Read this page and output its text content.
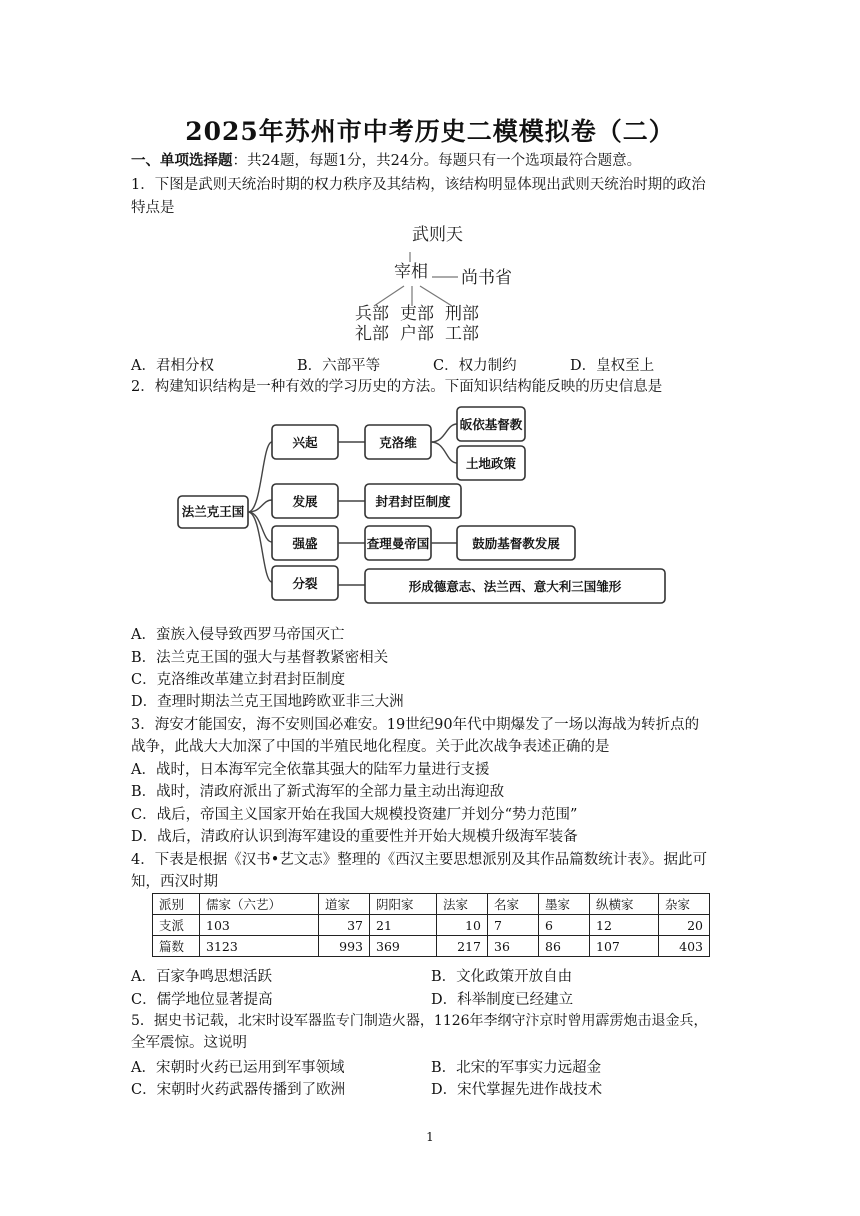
2025年苏州市中考历史二模模拟卷（二）
一、单项选择题：共24题，每题1分，共24分。每题只有一个选项最符合题意。
1．下图是武则天统治时期的权力秩序及其结构，该结构明显体现出武则天统治时期的政治
特点是
武则天
宰相 尚书省
兵部 吏部 刑部
礼部 户部 工部
A．君相分权	B．六部平等	C．权力制约	D．皇权至上
2．构建知识结构是一种有效的学习历史的方法。下面知识结构能反映的历史信息是
法兰克王国
兴起
发展
强盛
分裂
克洛维
皈依基督教
土地政策
封君封臣制度
查理曼帝国	鼓励基督教发展
形成德意志、法兰西、意大利三国雏形
A．蛮族入侵导致西罗马帝国灭亡
B．法兰克王国的强大与基督教紧密相关
C．克洛维改革建立封君封臣制度
D．查理时期法兰克王国地跨欧亚非三大洲
3．海安才能国安，海不安则国必难安。19世纪90年代中期爆发了一场以海战为转折点的
战争，此战大大加深了中国的半殖民地化程度。关于此次战争表述正确的是
A．战时，日本海军完全依靠其强大的陆军力量进行支援
B．战时，清政府派出了新式海军的全部力量主动出海迎敌
C．战后，帝国主义国家开始在我国大规模投资建厂并划分“势力范围”
D．战后，清政府认识到海军建设的重要性并开始大规模升级海军装备
4．下表是根据《汉书•艺文志》整理的《西汉主要思想派别及其作品篇数统计表》。据此可
知，西汉时期
派别	儒家（六艺）	道家	阴阳家	法家	名家	墨家	纵横家	杂家
支派	103	37	21	10	7	6	12	20
篇数	3123	993	369	217	36	86	107	403
A．百家争鸣思想活跃	B．文化政策开放自由
C．儒学地位显著提高	D．科举制度已经建立
5．据史书记载，北宋时设军器监专门制造火器，1126年李纲守汴京时曾用霹雳炮击退金兵，
全军震惊。这说明
A．宋朝时火药已运用到军事领域	B．北宋的军事实力远超金
C．宋朝时火药武器传播到了欧洲	D．宋代掌握先进作战技术
1
